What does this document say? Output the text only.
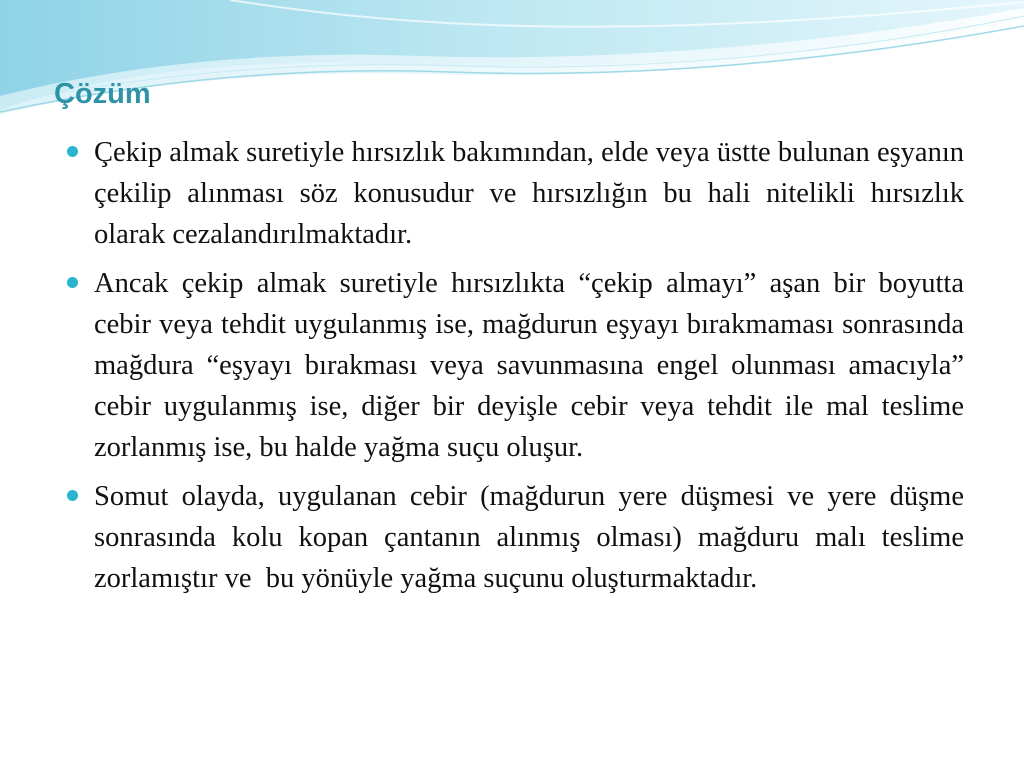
Çözüm
Çekip almak suretiyle hırsızlık bakımından, elde veya üstte bulunan eşyanın çekilip alınması söz konusudur ve hırsızlığın bu hali nitelikli hırsızlık olarak cezalandırılmaktadır.
Ancak çekip almak suretiyle hırsızlıkta “çekip almayı” aşan bir boyutta cebir veya tehdit uygulanmış ise, mağdurun eşyayı bırakmaması sonrasında mağdura “eşyayı bırakması veya savunmasına engel olunması amacıyla” cebir uygulanmış ise, diğer bir deyişle cebir veya tehdit ile mal teslime zorlanmış ise, bu halde yağma suçu oluşur.
Somut olayda, uygulanan cebir (mağdurun yere düşmesi ve yere düşme sonrasında kolu kopan çantanın alınmış olması) mağduru malı teslime zorlamıştır ve  bu yönüyle yağma suçunu oluşturmaktadır.
